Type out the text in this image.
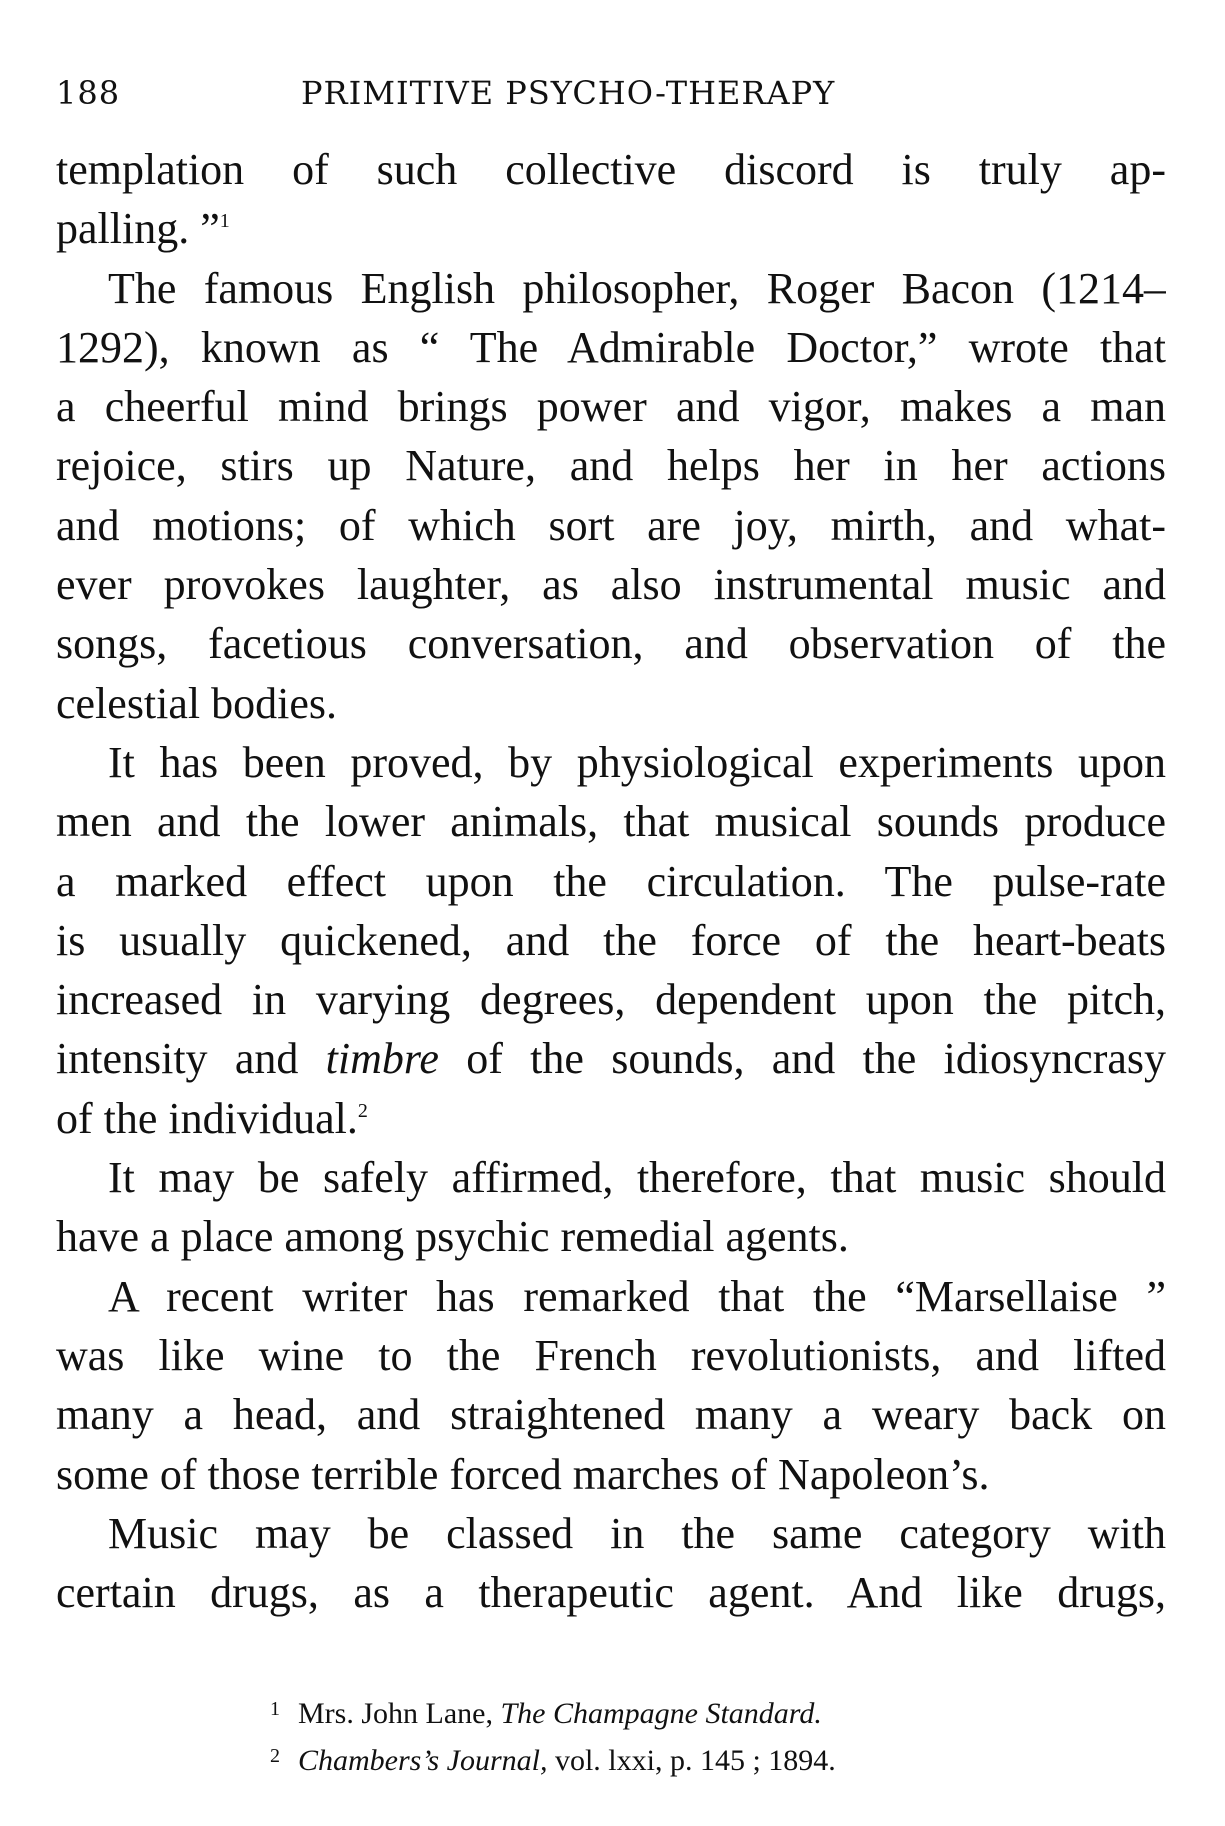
188	PRIMITIVE PSYCHO-THERAPY
templation of such collective discord is truly ap-
palling. ”$^1$
The famous English philosopher, Roger Bacon (1214–
1292), known as “ The Admirable Doctor,” wrote that
a cheerful mind brings power and vigor, makes a man
rejoice, stirs up Nature, and helps her in her actions
and motions; of which sort are joy, mirth, and what-
ever provokes laughter, as also instrumental music and
songs, facetious conversation, and observation of the
celestial bodies.
It has been proved, by physiological experiments upon
men and the lower animals, that musical sounds produce
a marked effect upon the circulation. The pulse-rate
is usually quickened, and the force of the heart-beats
increased in varying degrees, dependent upon the pitch,
intensity and timbre of the sounds, and the idiosyncrasy
of the individual.$^2$
It may be safely affirmed, therefore, that music should
have a place among psychic remedial agents.
A recent writer has remarked that the “Marsellaise ”
was like wine to the French revolutionists, and lifted
many a head, and straightened many a weary back on
some of those terrible forced marches of Napoleon’s.
Music may be classed in the same category with
certain drugs, as a therapeutic agent. And like drugs,
1 Mrs. John Lane, The Champagne Standard.
2 Chambers’s Journal, vol. lxxi, p. 145 ; 1894.
